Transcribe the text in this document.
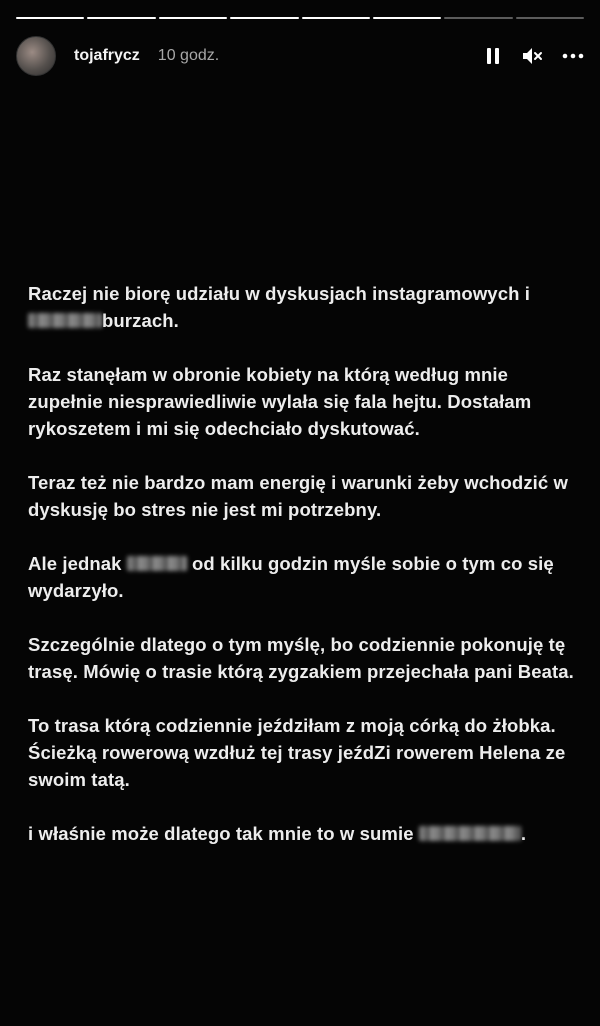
tojafrycz 10 godz.

Raczej nie biorę udziału w dyskusjach instagramowych i burzach.

Raz stanęłam w obronie kobiety na którą według mnie zupełnie niesprawiedliwie wylała się fala hejtu. Dostałam rykoszetem i mi się odechciało dyskutować.

Teraz też nie bardzo mam energię i warunki żeby wchodzić w dyskusję bo stres nie jest mi potrzebny.

Ale jednak	od kilku godzin myśle sobie o tym co się wydarzyło.

Szczególnie dlatego o tym myślę, bo codziennie pokonuję tę trasę. Mówię o trasie którą zygzakiem przejechała pani Beata.

To trasa którą codziennie jeździłam z moją córką do żłobka. Ścieżką rowerową wzdłuż tej trasy jeźdZi rowerem Helena ze swoim tatą.

i właśnie może dlatego tak mnie to w sumie	.
